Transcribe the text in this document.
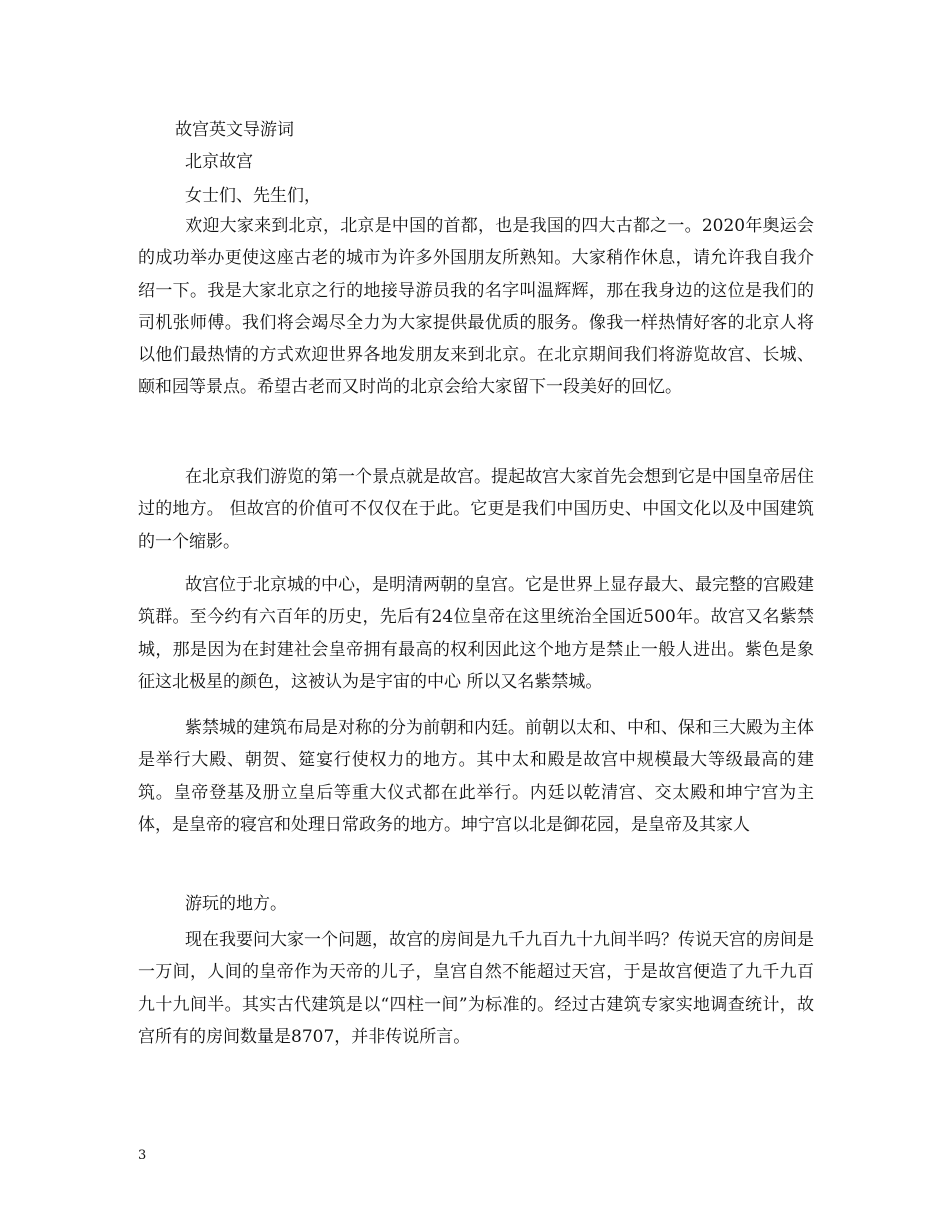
故宫英文导游词
北京故宫
女士们、先生们，
欢迎大家来到北京，北京是中国的首都，也是我国的四大古都之一。2020年奥运会的成功举办更使这座古老的城市为许多外国朋友所熟知。大家稍作休息，请允许我自我介绍一下。我是大家北京之行的地接导游员我的名字叫温辉辉，那在我身边的这位是我们的司机张师傅。我们将会竭尽全力为大家提供最优质的服务。像我一样热情好客的北京人将以他们最热情的方式欢迎世界各地发朋友来到北京。在北京期间我们将游览故宫、长城、颐和园等景点。希望古老而又时尚的北京会给大家留下一段美好的回忆。
在北京我们游览的第一个景点就是故宫。提起故宫大家首先会想到它是中国皇帝居住过的地方。 但故宫的价值可不仅仅在于此。它更是我们中国历史、中国文化以及中国建筑的一个缩影。
故宫位于北京城的中心，是明清两朝的皇宫。它是世界上显存最大、最完整的宫殿建筑群。至今约有六百年的历史，先后有24位皇帝在这里统治全国近500年。故宫又名紫禁城，那是因为在封建社会皇帝拥有最高的权利因此这个地方是禁止一般人进出。紫色是象征这北极星的颜色，这被认为是宇宙的中心 所以又名紫禁城。
紫禁城的建筑布局是对称的分为前朝和内廷。前朝以太和、中和、保和三大殿为主体是举行大殿、朝贺、筵宴行使权力的地方。其中太和殿是故宫中规模最大等级最高的建筑。皇帝登基及册立皇后等重大仪式都在此举行。内廷以乾清宫、交太殿和坤宁宫为主体，是皇帝的寝宫和处理日常政务的地方。坤宁宫以北是御花园，是皇帝及其家人
游玩的地方。
现在我要问大家一个问题，故宫的房间是九千九百九十九间半吗？传说天宫的房间是一万间，人间的皇帝作为天帝的儿子，皇宫自然不能超过天宫，于是故宫便造了九千九百九十九间半。其实古代建筑是以“四柱一间”为标准的。经过古建筑专家实地调查统计，故宫所有的房间数量是8707，并非传说所言。
3
